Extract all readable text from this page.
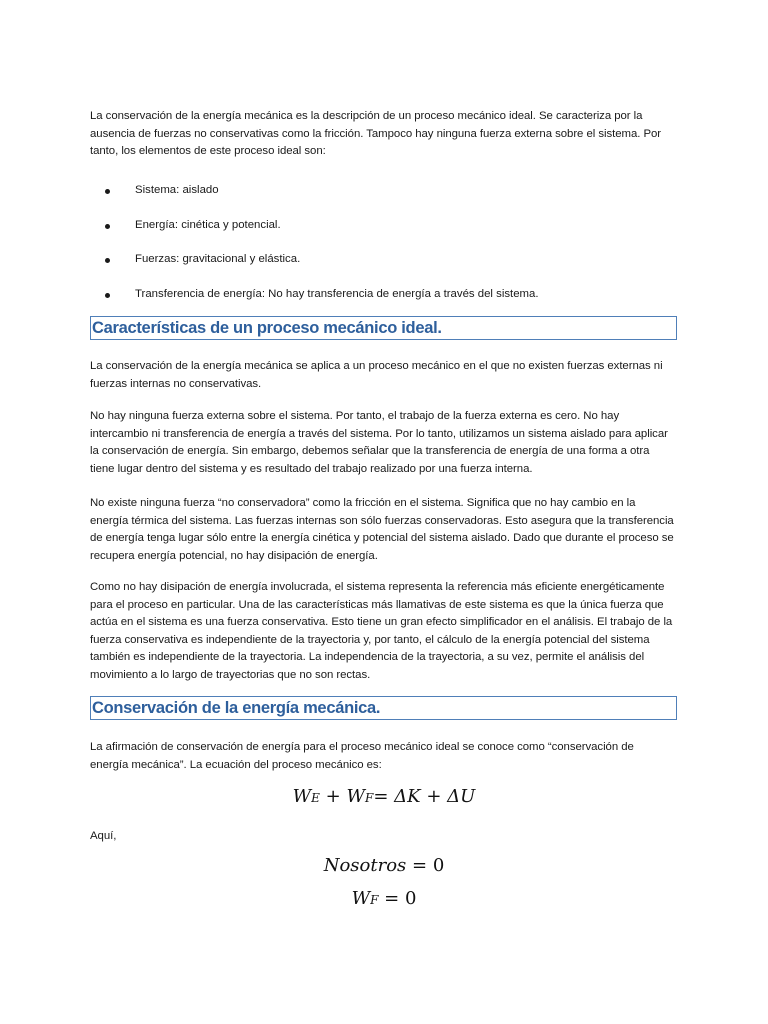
La conservación de la energía mecánica es la descripción de un proceso mecánico ideal. Se caracteriza por la ausencia de fuerzas no conservativas como la fricción. Tampoco hay ninguna fuerza externa sobre el sistema. Por tanto, los elementos de este proceso ideal son:

Sistema: aislado
Energía: cinética y potencial.
Fuerzas: gravitacional y elástica.
Transferencia de energía: No hay transferencia de energía a través del sistema.
Características de un proceso mecánico ideal.

La conservación de la energía mecánica se aplica a un proceso mecánico en el que no existen fuerzas externas ni fuerzas internas no conservativas.

No hay ninguna fuerza externa sobre el sistema. Por tanto, el trabajo de la fuerza externa es cero. No hay intercambio ni transferencia de energía a través del sistema. Por lo tanto, utilizamos un sistema aislado para aplicar la conservación de energía. Sin embargo, debemos señalar que la transferencia de energía de una forma a otra tiene lugar dentro del sistema y es resultado del trabajo realizado por una fuerza interna.

No existe ninguna fuerza “no conservadora” como la fricción en el sistema. Significa que no hay cambio en la energía térmica del sistema. Las fuerzas internas son sólo fuerzas conservadoras. Esto asegura que la transferencia de energía tenga lugar sólo entre la energía cinética y potencial del sistema aislado. Dado que durante el proceso se recupera energía potencial, no hay disipación de energía.

Como no hay disipación de energía involucrada, el sistema representa la referencia más eficiente energéticamente para el proceso en particular. Una de las características más llamativas de este sistema es que la única fuerza que actúa en el sistema es una fuerza conservativa. Esto tiene un gran efecto simplificador en el análisis. El trabajo de la fuerza conservativa es independiente de la trayectoria y, por tanto, el cálculo de la energía potencial del sistema también es independiente de la trayectoria. La independencia de la trayectoria, a su vez, permite el análisis del movimiento a lo largo de trayectorias que no son rectas.

Conservación de la energía mecánica.

La afirmación de conservación de energía para el proceso mecánico ideal se conoce como “conservación de energía mecánica”. La ecuación del proceso mecánico es:

WE + WF= ΔK + ΔU

Aquí,

Nosotros = 0
WF = 0
